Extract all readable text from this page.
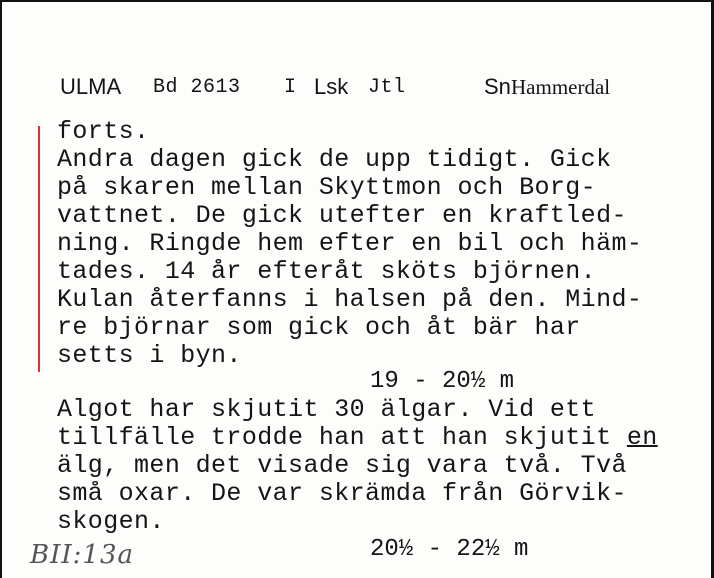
ULMA Bd 2613 I Lsk Jtl	Sn Hammerdal
forts.
Andra dagen gick de upp tidigt. Gick
på skaren mellan Skyttmon och Borg-
vattnet. De gick utefter en kraftled-
ning. Ringde hem efter en bil och häm-
tades. 14 år efteråt sköts björnen.
Kulan återfanns i halsen på den. Mind-
re björnar som gick och åt bär har
setts i byn.
19 - 20½ m
Algot har skjutit 30 älgar. Vid ett
tillfälle trodde han att han skjutit en
älg, men det visade sig vara två. Två
små oxar. De var skrämda från Görvik-
skogen.
20½ - 22½ m
BII:13a
